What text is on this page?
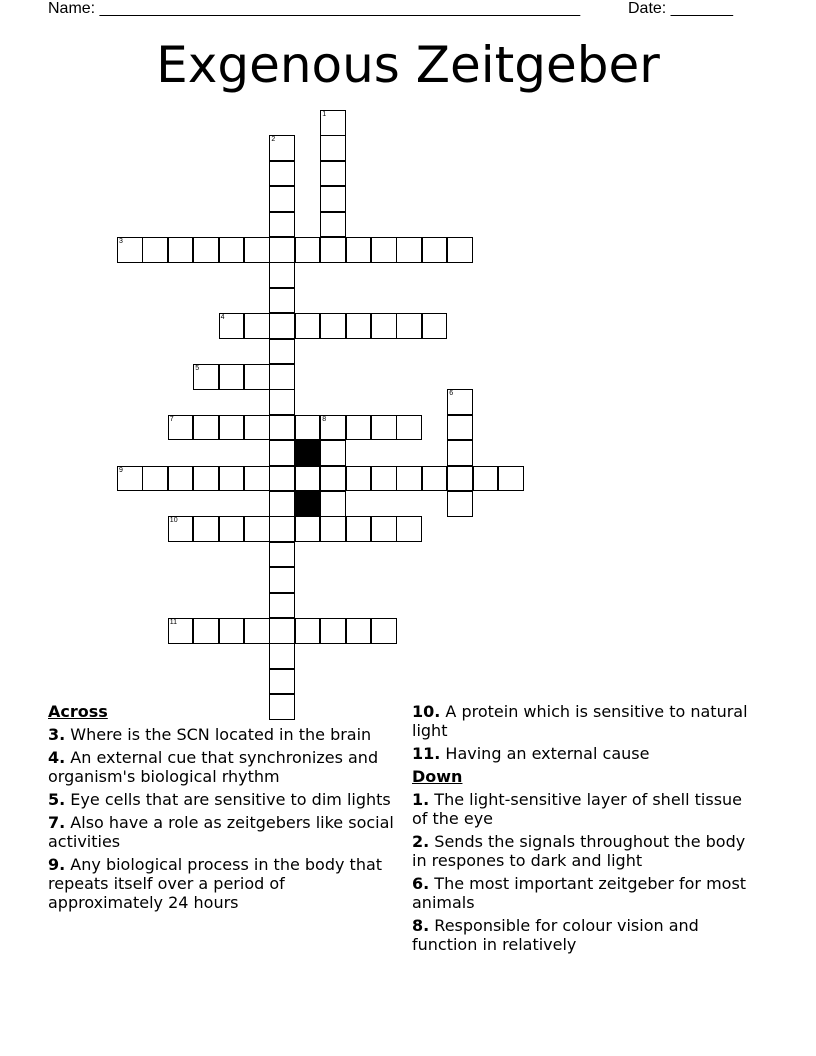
Name: ______________________________________________________	Date: _______
Exgenous Zeitgeber
1
2
3
4
5
6
7	8
9
10
11
Across
3. Where is the SCN located in the brain
4. An external cue that synchronizes and organism's biological rhythm
5. Eye cells that are sensitive to dim lights
7. Also have a role as zeitgebers like social activities
9. Any biological process in the body that repeats itself over a period of approximately 24 hours
10. A protein which is sensitive to natural light
11. Having an external cause
Down
1. The light-sensitive layer of shell tissue of the eye
2. Sends the signals throughout the body in respones to dark and light
6. The most important zeitgeber for most animals
8. Responsible for colour vision and function in relatively
